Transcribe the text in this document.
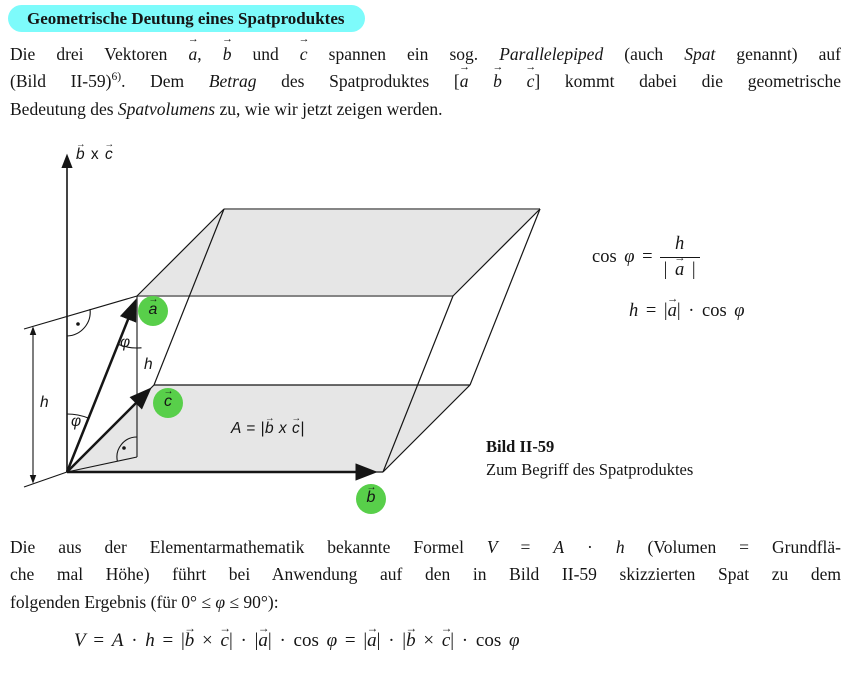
Geometrische Deutung eines Spatproduktes
Die drei Vektoren a →, b → und c → spannen ein sog. Parallelepiped (auch Spat genannt) auf
(Bild II-59)$^{6)}$. Dem Betrag des Spatproduktes [a → b → c →] kommt dabei die geometrische
Bedeutung des Spatvolumens zu, wie wir jetzt zeigen werden.
b → x c →
a →
c →
b →
A = |b → x c →|
φ
φ
h
h
$\cos \varphi = \frac{h}{| a \to |}$
h = |a →| · cos φ
Bild II-59
Zum Begriff des Spatproduktes
Die aus der Elementarmathematik bekannte Formel V = A · h (Volumen = Grundflä-
che mal Höhe) führt bei Anwendung auf den in Bild II-59 skizzierten Spat zu dem
folgenden Ergebnis (für 0° ≤ φ ≤ 90°):
V = A · h = |b → × c →| · |a →| · cos φ = |a →| · |b → × c →| · cos φ
